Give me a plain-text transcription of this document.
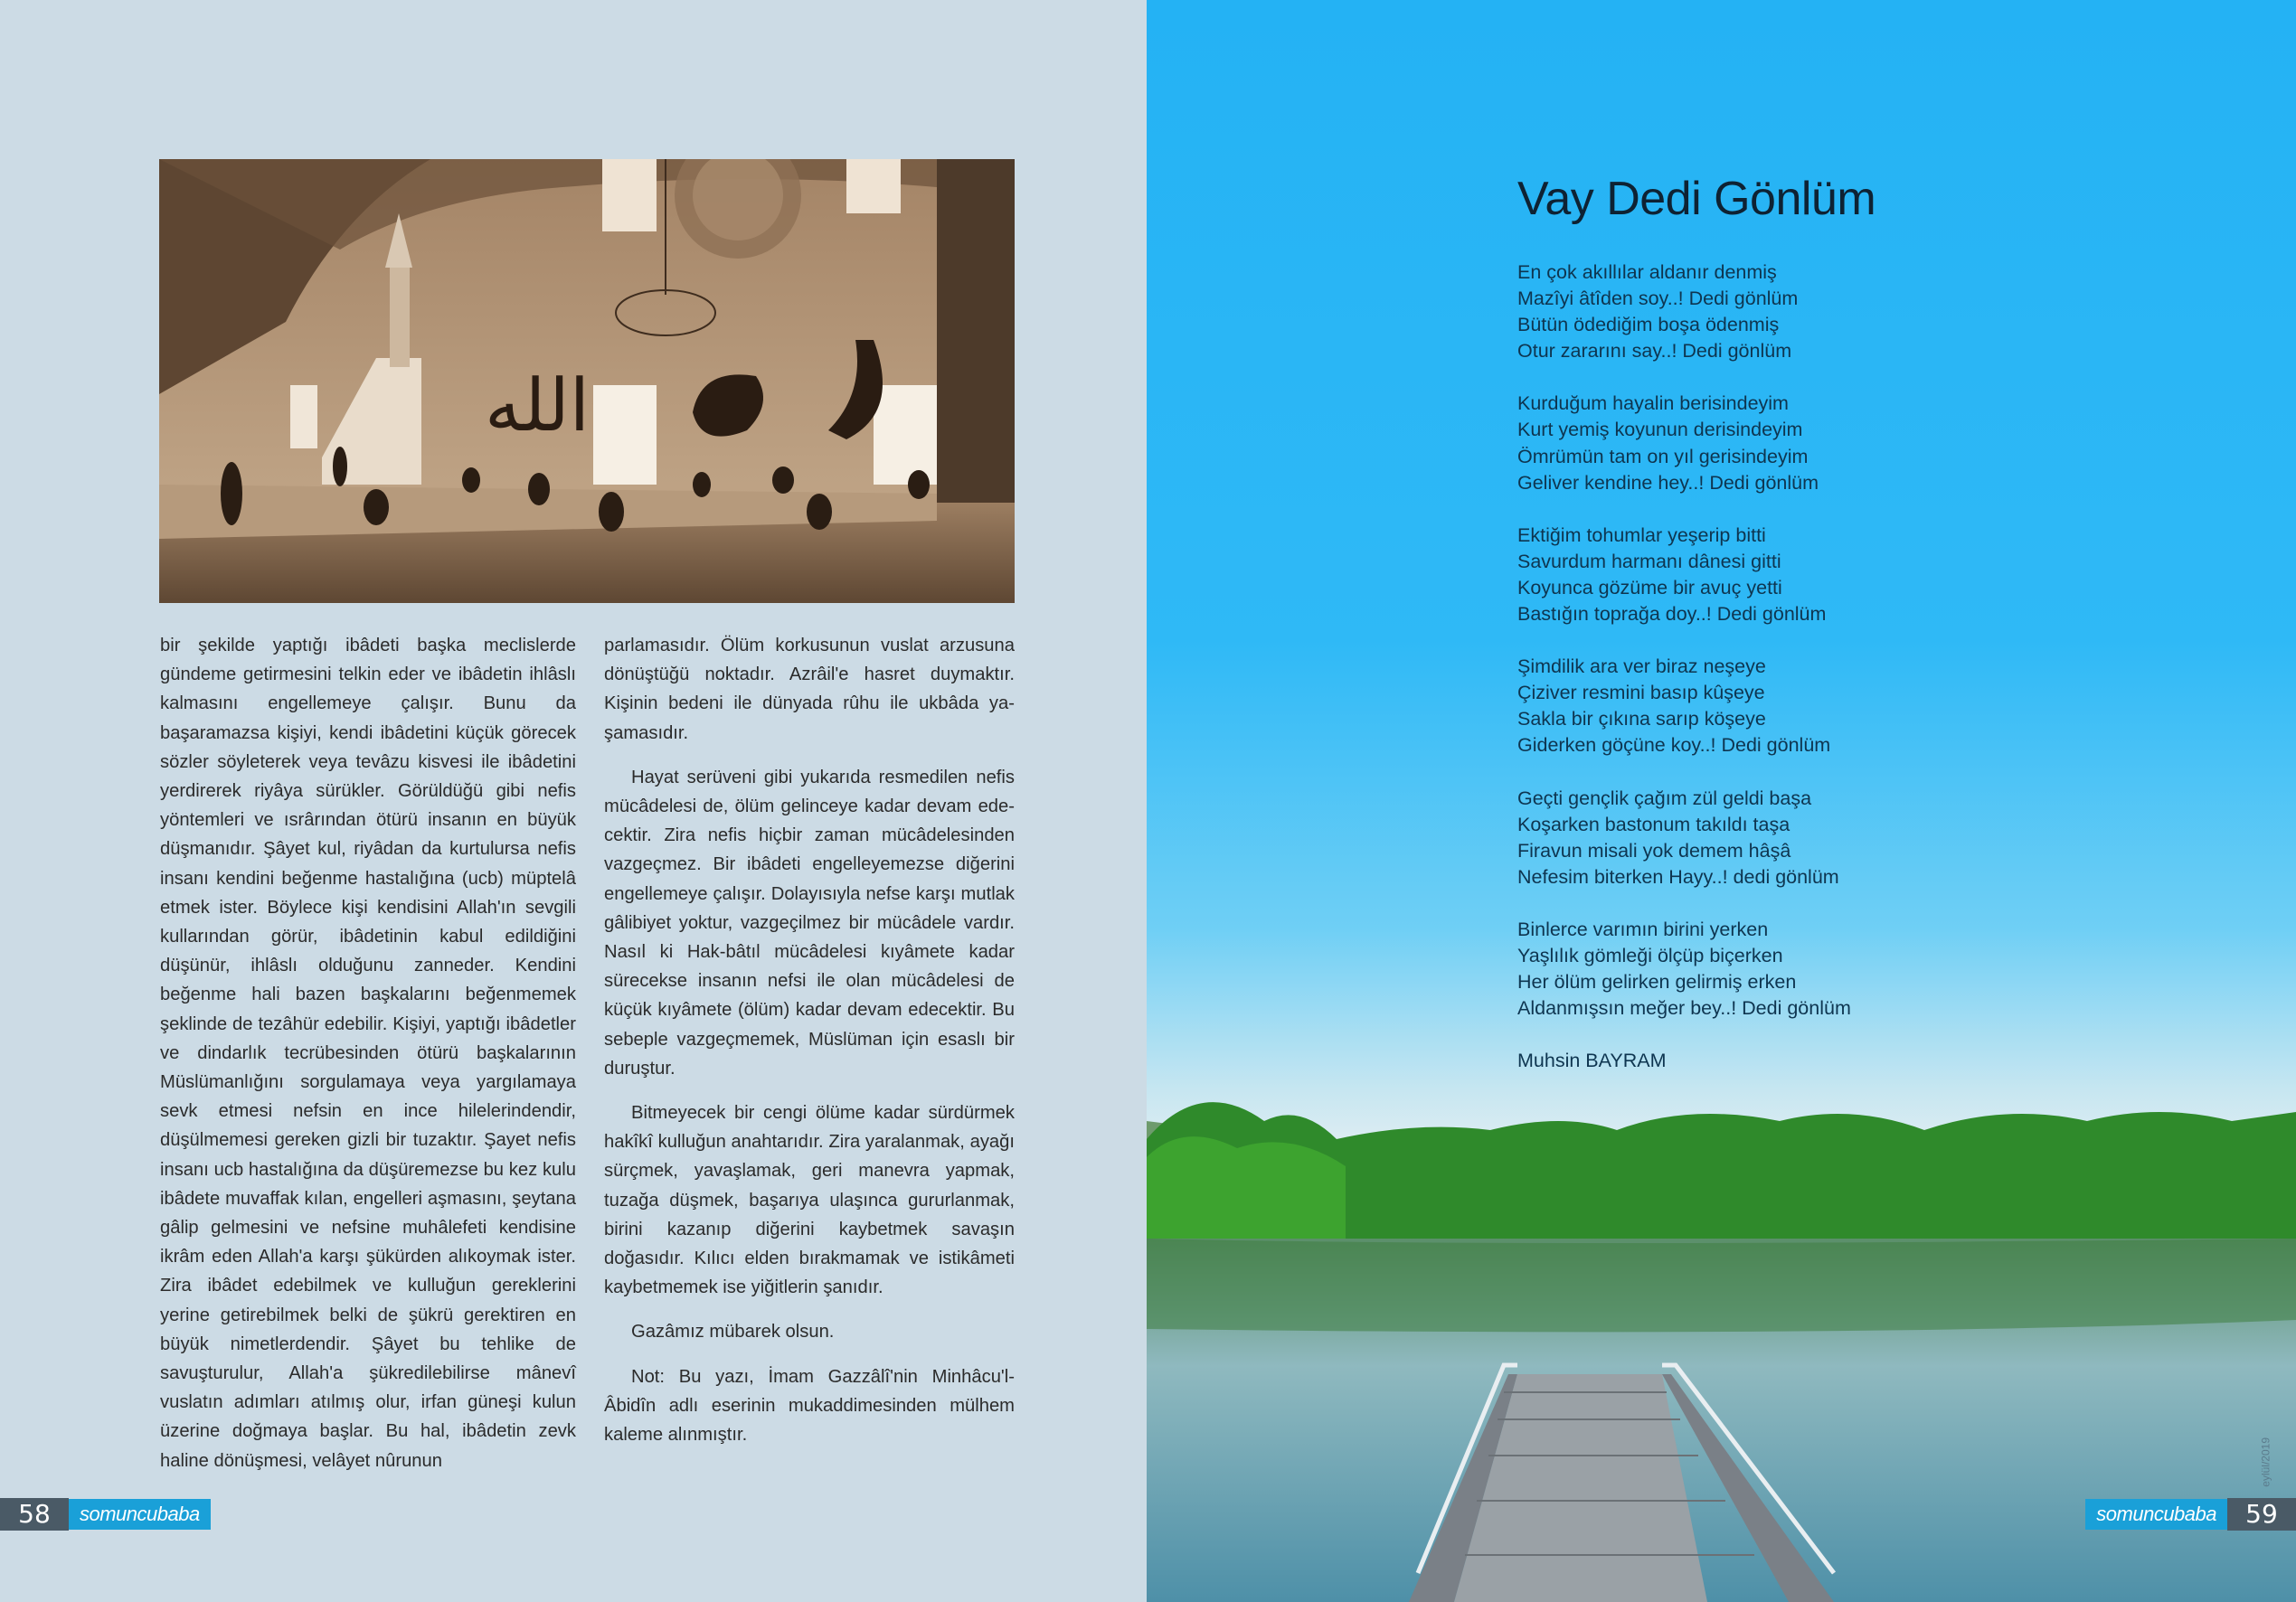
الله

bir şekilde yaptığı ibâdeti başka meclislerde gündeme getirmesini telkin eder ve ibâdetin ihlâslı kalmasını engellemeye çalışır. Bunu da başaramazsa kişiyi, kendi ibâdetini küçük görecek sözler söyleterek veya tevâzu kisvesi ile ibâdetini yerdirerek riyâya sürükler. Görüldüğü gibi nefis yöntemleri ve ısrârından ötürü insanın en büyük düşmanıdır. Şâyet kul, riyâdan da kurtulursa nefis insanı kendini beğenme hastalığına (ucb) müptelâ etmek ister. Böylece kişi kendisini Allah'ın sevgili kullarından görür, ibâdetinin kabul edildiğini düşünür, ihlâslı olduğunu zanneder. Kendini beğenme hali bazen başkalarını beğenmemek şeklinde de tezâhür edebilir. Kişiyi, yaptığı ibâdetler ve dindarlık tecrübesinden ötürü başkalarının Müslümanlığını sorgulamaya veya yargılamaya sevk etmesi nefsin en ince hilelerindendir, düşülmemesi gereken gizli bir tuzaktır. Şayet nefis insanı ucb hastalığına da düşüremezse bu kez kulu ibâdete muvaffak kılan, engelleri aşmasını, şeytana gâlip gelmesini ve nefsine muhâlefeti kendisine ikrâm eden Allah'a karşı şükürden alıkoymak ister. Zira ibâdet edebilmek ve kulluğun gereklerini yerine getirebilmek belki de şükrü gerektiren en büyük nimetlerdendir. Şâyet bu tehlike de savuşturulur, Allah'a şükredilebilirse mânevî vuslatın adımları atılmış olur, irfan güneşi kulun üzerine doğmaya başlar. Bu hal, ibâdetin zevk haline dönüşmesi, velâyet nûrunun

parlamasıdır. Ölüm korkusunun vuslat arzusuna dönüştüğü noktadır. Azrâil'e hasret duymaktır. Kişinin bedeni ile dünyada rûhu ile ukbâda yaşamasıdır.

Hayat serüveni gibi yukarıda resmedilen nefis mücâdelesi de, ölüm gelinceye kadar devam edecektir. Zira nefis hiçbir zaman mücâdelesinden vazgeçmez. Bir ibâdeti engelleyemezse diğerini engellemeye çalışır. Dolayısıyla nefse karşı mutlak gâlibiyet yoktur, vazgeçilmez bir mücâdele vardır. Nasıl ki Hak-bâtıl mücâdelesi kıyâmete kadar sürecekse insanın nefsi ile olan mücâdelesi de küçük kıyâmete (ölüm) kadar devam edecektir. Bu sebeple vazgeçmemek, Müslüman için esaslı bir duruştur.

Bitmeyecek bir cengi ölüme kadar sürdürmek hakîkî kulluğun anahtarıdır. Zira yaralanmak, ayağı sürçmek, yavaşlamak, geri manevra yapmak, tuzağa düşmek, başarıya ulaşınca gururlanmak, birini kazanıp diğerini kaybetmek savaşın doğasıdır. Kılıcı elden bırakmamak ve istikâmeti kaybetmemek ise yiğitlerin şanıdır.

Gazâmız mübarek olsun.

Not: Bu yazı, İmam Gazzâlî'nin Minhâcu'l-Âbidîn adlı eserinin mukaddimesinden mülhem kaleme alınmıştır.

58	somuncubaba
Vay Dedi Gönlüm
En çok akıllılar aldanır denmiş
Mazîyi âtîden soy..! Dedi gönlüm
Bütün ödediğim boşa ödenmiş
Otur zararını say..! Dedi gönlüm
Kurduğum hayalin berisindeyim
Kurt yemiş koyunun derisindeyim
Ömrümün tam on yıl gerisindeyim
Geliver kendine hey..! Dedi gönlüm
Ektiğim tohumlar yeşerip bitti
Savurdum harmanı dânesi gitti
Koyunca gözüme bir avuç yetti
Bastığın toprağa doy..! Dedi gönlüm
Şimdilik ara ver biraz neşeye
Çiziver resmini basıp kûşeye
Sakla bir çıkına sarıp köşeye
Giderken göçüne koy..! Dedi gönlüm
Geçti gençlik çağım zül geldi başa
Koşarken bastonum takıldı taşa
Firavun misali yok demem hâşâ
Nefesim biterken Hayy..! dedi gönlüm
Binlerce varımın birini yerken
Yaşlılık gömleği ölçüp biçerken
Her ölüm gelirken gelirmiş erken
Aldanmışsın meğer bey..! Dedi gönlüm
Muhsin BAYRAM
eylül/2019
somuncubaba	59
